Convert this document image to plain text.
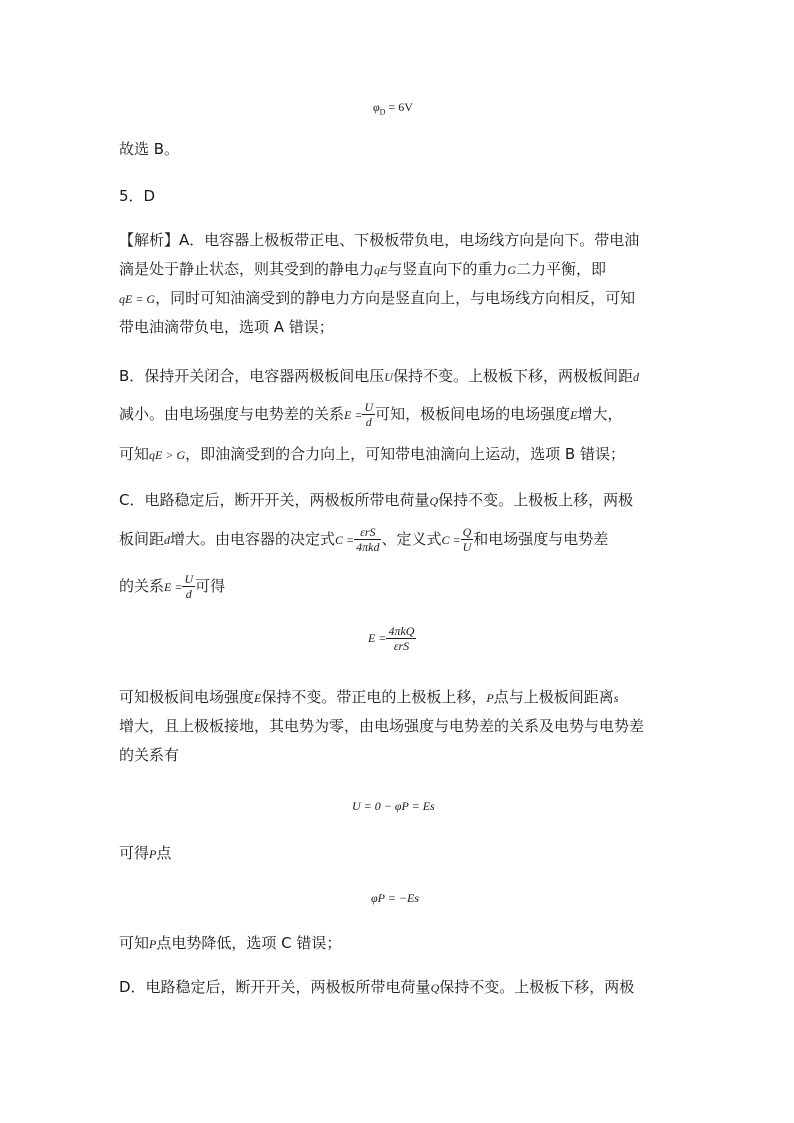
$\varphi_D = 6V$
故选 B。
5．D
【解析】A．电容器上极板带正电、下极板带负电，电场线方向是向下。带电油
滴是处于静止状态，则其受到的静电力qE与竖直向下的重力G二力平衡，即
qE = G，同时可知油滴受到的静电力方向是竖直向上，与电场线方向相反，可知
带电油滴带负电，选项 A 错误；
B．保持开关闭合，电容器两极板间电压U保持不变。上极板下移，两极板间距d
减小。由电场强度与电势差的关系$E = \frac{U}{d}$ 可知，极板间电场的电场强度E增大，
可知qE > G，即油滴受到的合力向上，可知带电油滴向上运动，选项 B 错误；
C．电路稳定后，断开开关，两极板所带电荷量Q保持不变。上极板上移，两极
板间距d增大。由电容器的决定式$C = \frac{\text{εrS}}{\text{4πkd}}$ 、定义式$C = \frac{Q}{U}$ 和电场强度与电势差
的关系$E = \frac{U}{d}$ 可得
$E = \frac{\text{4πkQ}}{\text{εrS}}$
可知极板间电场强度E保持不变。带正电的上极板上移，P点与上极板间距离s
增大，且上极板接地，其电势为零，由电场强度与电势差的关系及电势与电势差
的关系有
U = 0 − φP = Es
可得P点
φP = −Es
可知P点电势降低，选项 C 错误；
D．电路稳定后，断开开关，两极板所带电荷量Q保持不变。上极板下移，两极
